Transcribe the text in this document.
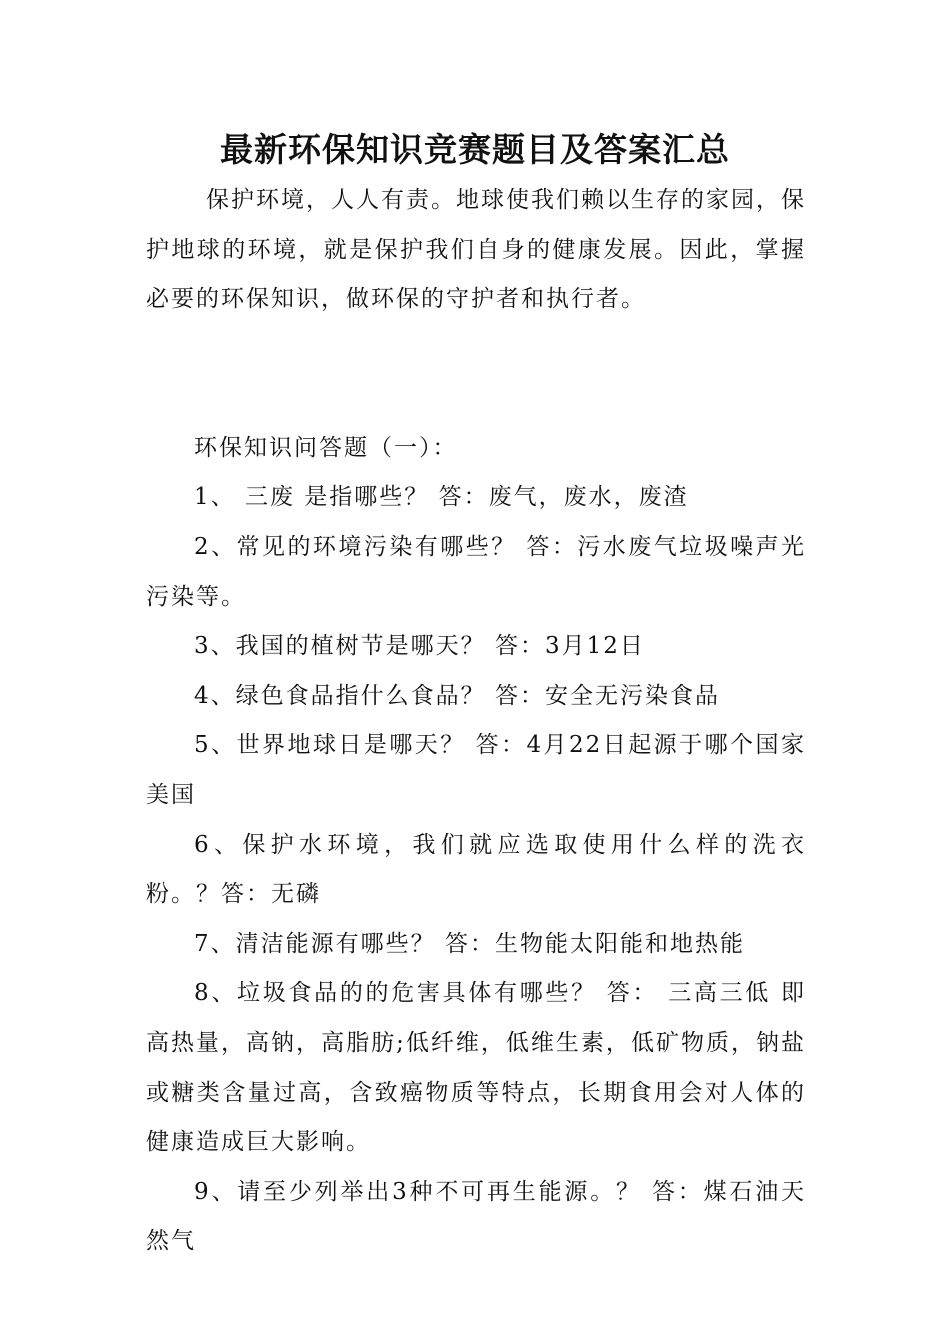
最新环保知识竞赛题目及答案汇总

保护环境，人人有责。地球使我们赖以生存的家园，保护地球的环境，就是保护我们自身的健康发展。因此，掌握必要的环保知识，做环保的守护者和执行者。

环保知识问答题（一）：

1、 三废 是指哪些？ 答：废气，废水，废渣

2、常见的环境污染有哪些？ 答：污水废气垃圾噪声光污染等。

3、我国的植树节是哪天？ 答：3月12日

4、绿色食品指什么食品？ 答：安全无污染食品

5、世界地球日是哪天？ 答：4月22日起源于哪个国家美国

6、保护水环境，我们就应选取使用什么样的洗衣粉。？答：无磷

7、清洁能源有哪些？ 答：生物能太阳能和地热能

8、垃圾食品的的危害具体有哪些？ 答： 三高三低 即高热量，高钠，高脂肪;低纤维，低维生素，低矿物质，钠盐或糖类含量过高，含致癌物质等特点，长期食用会对人体的健康造成巨大影响。

9、请至少列举出3种不可再生能源。？ 答：煤石油天然气
